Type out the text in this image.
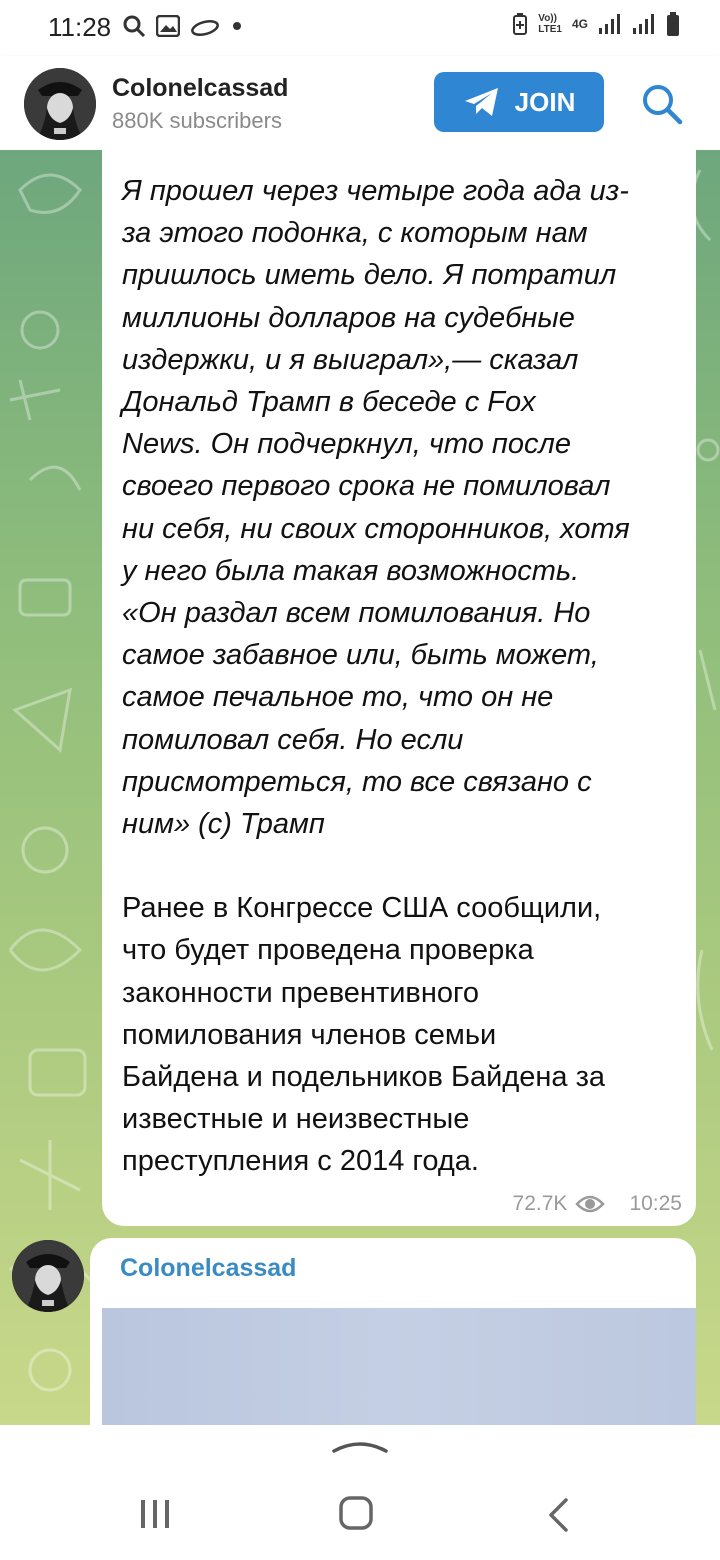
11:28	Vo))
LTE1 4G
Colonelcassad
880K subscribers
JOIN

Я прошел через четыре года ада из-

за этого подонка, с которым нам

пришлось иметь дело. Я потратил

миллионы долларов на судебные

издержки, и я выиграл»,— сказал

Дональд Трамп в беседе с Fox

News. Он подчеркнул, что после

своего первого срока не помиловал

ни себя, ни своих сторонников, хотя

у него была такая возможность.

«Он раздал всем помилования. Но

самое забавное или, быть может,

самое печальное то, что он не

помиловал себя. Но если

присмотреться, то все связано с

ним» (с) Трамп

Ранее в Конгрессе США сообщили,

что будет проведена проверка

законности превентивного

помилования членов семьи

Байдена и подельников Байдена за

известные и неизвестные

преступления с 2014 года.

72.7K	10:25
Colonelcassad
